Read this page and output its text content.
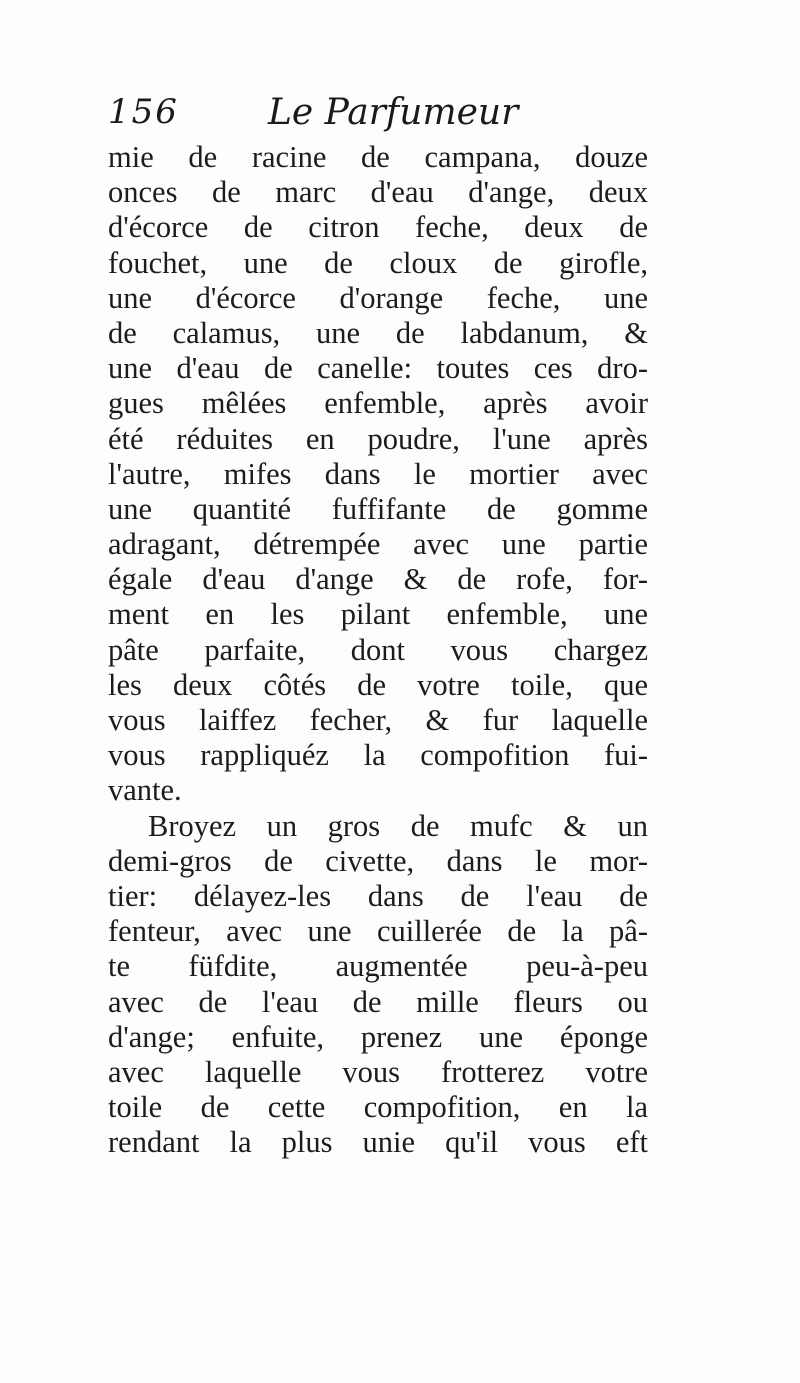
156 Le Parfumeur
mie de racine de campana, douze
onces de marc d'eau d'ange, deux
d'écorce de citron feche, deux de
fouchet, une de cloux de girofle,
une d'écorce d'orange feche, une
de calamus, une de labdanum, &
une d'eau de canelle: toutes ces dro-
gues mêlées enfemble, après avoir
été réduites en poudre, l'une après
l'autre, mifes dans le mortier avec
une quantité fuffifante de gomme
adragant, détrempée avec une partie
égale d'eau d'ange & de rofe, for-
ment en les pilant enfemble, une
pâte parfaite, dont vous chargez
les deux côtés de votre toile, que
vous laiffez fecher, & fur laquelle
vous rappliquéz la compofition fui-
vante.
Broyez un gros de mufc & un
demi-gros de civette, dans le mor-
tier: délayez-les dans de l'eau de
fenteur, avec une cuillerée de la pâ-
te füfdite, augmentée peu-à-peu
avec de l'eau de mille fleurs ou
d'ange; enfuite, prenez une éponge
avec laquelle vous frotterez votre
toile de cette compofition, en la
rendant la plus unie qu'il vous eft
